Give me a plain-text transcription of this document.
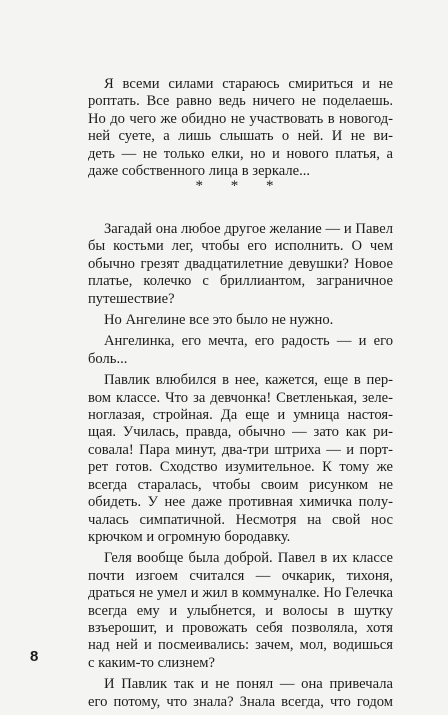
Я всеми силами стараюсь смириться и не
роптать. Все равно ведь ничего не поделаешь.
Но до чего же обидно не участвовать в новогод-
ней суете, а лишь слышать о ней. И не ви-
деть — не только елки, но и нового платья, а
даже собственного лица в зеркале...
* * *
Загадай она любое другое желание — и Павел
бы костьми лег, чтобы его исполнить. О чем
обычно грезят двадцатилетние девушки? Новое
платье, колечко с бриллиантом, заграничное
путешествие?
Но Ангелине все это было не нужно.
Ангелинка, его мечта, его радость — и его
боль...
Павлик влюбился в нее, кажется, еще в пер-
вом классе. Что за девчонка! Светленькая, зеле-
ноглазая, стройная. Да еще и умница настоя-
щая. Училась, правда, обычно — зато как ри-
совала! Пара минут, два-три штриха — и порт-
рет готов. Сходство изумительное. К тому же
всегда старалась, чтобы своим рисунком не
обидеть. У нее даже противная химичка полу-
чалась симпатичной. Несмотря на свой нос
крючком и огромную бородавку.
Геля вообще была доброй. Павел в их классе
почти изгоем считался — очкарик, тихоня,
драться не умел и жил в коммуналке. Но Гелечка
всегда ему и улыбнется, и волосы в шутку
взъерошит, и провожать себя позволяла, хотя
над ней и посмеивались: зачем, мол, водишься
с каким-то слизнем?
И Павлик так и не понял — она привечала
его потому, что знала? Знала всегда, что годом
8
